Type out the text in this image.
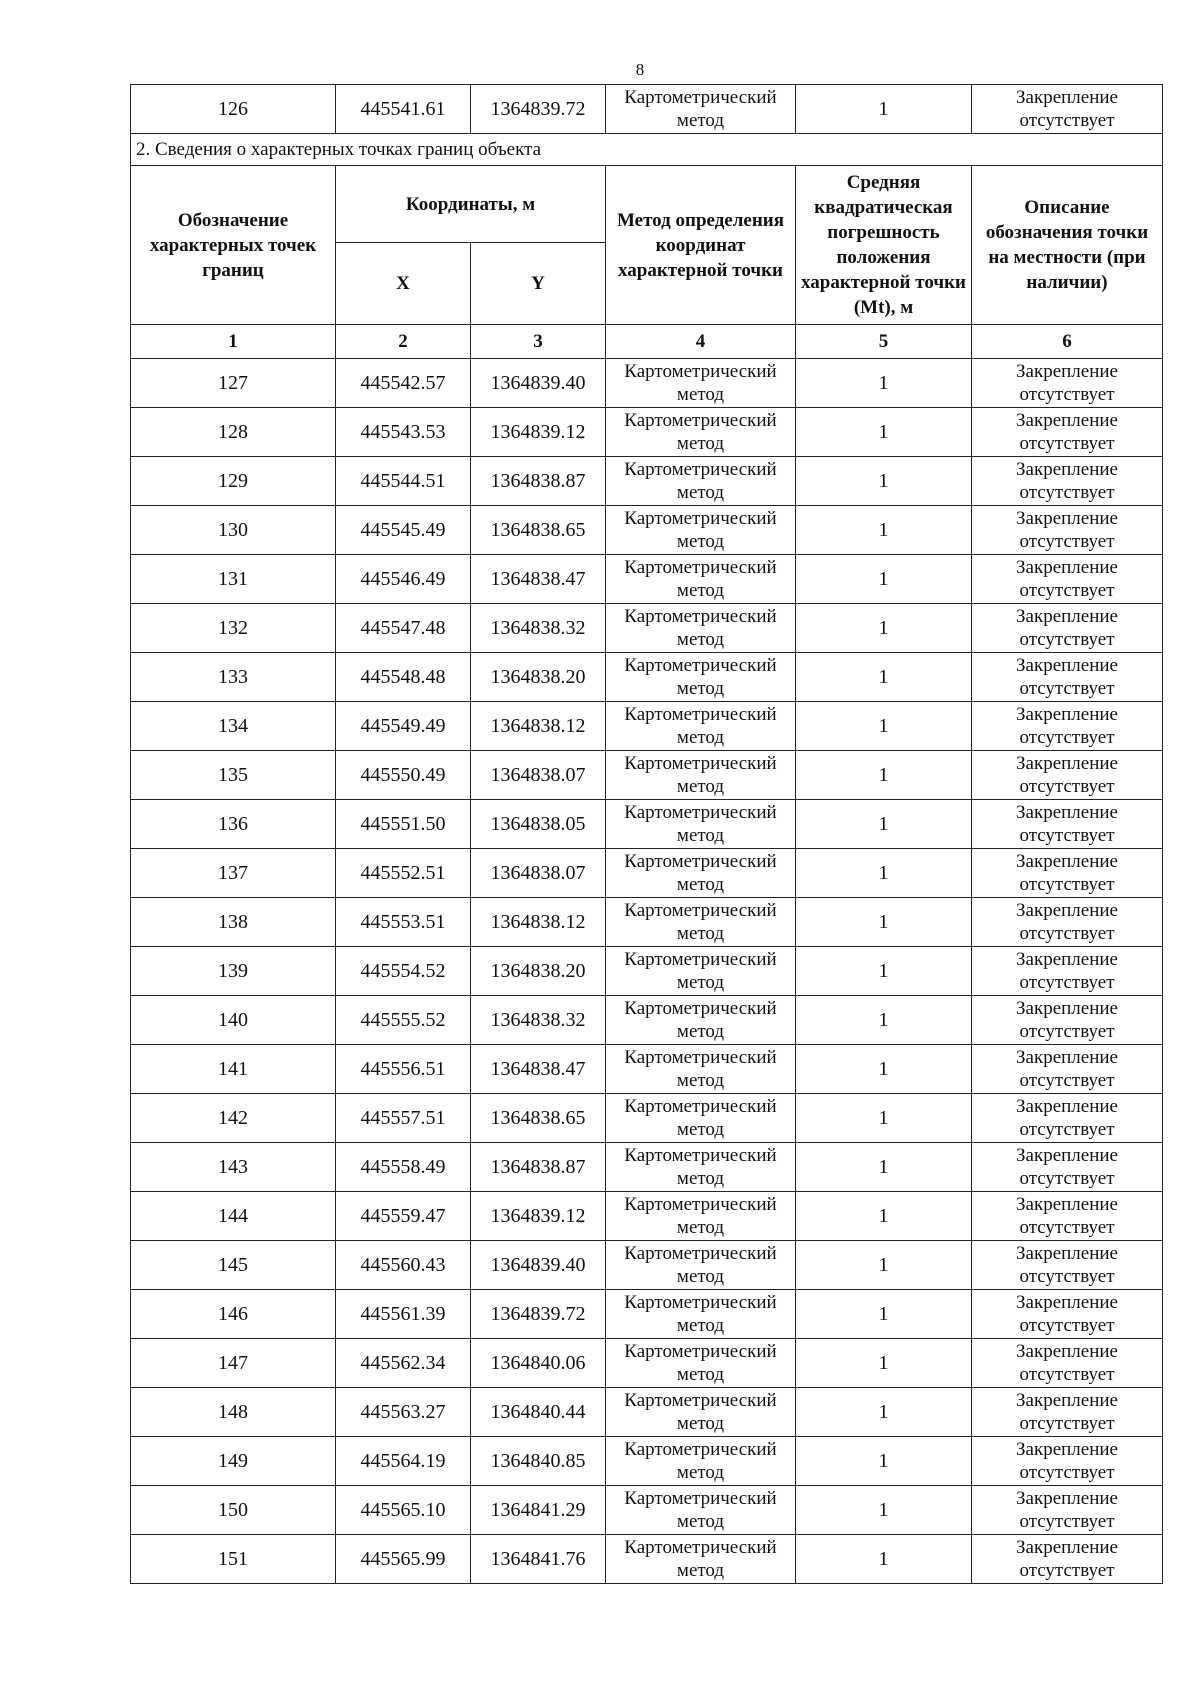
8
126	445541.61	1364839.72	Картометрический метод	1	Закрепление отсутствует
2. Сведения о характерных точках границ объекта					
Обозначение характерных точек границ	Координаты, м		Метод определения координат характерной точки	Средняя квадратическая погрешность положения характерной точки (Mt), м	Описание обозначения точки на местности (при наличии)
	X	Y			
1	2	3	4	5	6
127	445542.57	1364839.40	Картометрический метод	1	Закрепление отсутствует
128	445543.53	1364839.12	Картометрический метод	1	Закрепление отсутствует
129	445544.51	1364838.87	Картометрический метод	1	Закрепление отсутствует
130	445545.49	1364838.65	Картометрический метод	1	Закрепление отсутствует
131	445546.49	1364838.47	Картометрический метод	1	Закрепление отсутствует
132	445547.48	1364838.32	Картометрический метод	1	Закрепление отсутствует
133	445548.48	1364838.20	Картометрический метод	1	Закрепление отсутствует
134	445549.49	1364838.12	Картометрический метод	1	Закрепление отсутствует
135	445550.49	1364838.07	Картометрический метод	1	Закрепление отсутствует
136	445551.50	1364838.05	Картометрический метод	1	Закрепление отсутствует
137	445552.51	1364838.07	Картометрический метод	1	Закрепление отсутствует
138	445553.51	1364838.12	Картометрический метод	1	Закрепление отсутствует
139	445554.52	1364838.20	Картометрический метод	1	Закрепление отсутствует
140	445555.52	1364838.32	Картометрический метод	1	Закрепление отсутствует
141	445556.51	1364838.47	Картометрический метод	1	Закрепление отсутствует
142	445557.51	1364838.65	Картометрический метод	1	Закрепление отсутствует
143	445558.49	1364838.87	Картометрический метод	1	Закрепление отсутствует
144	445559.47	1364839.12	Картометрический метод	1	Закрепление отсутствует
145	445560.43	1364839.40	Картометрический метод	1	Закрепление отсутствует
146	445561.39	1364839.72	Картометрический метод	1	Закрепление отсутствует
147	445562.34	1364840.06	Картометрический метод	1	Закрепление отсутствует
148	445563.27	1364840.44	Картометрический метод	1	Закрепление отсутствует
149	445564.19	1364840.85	Картометрический метод	1	Закрепление отсутствует
150	445565.10	1364841.29	Картометрический метод	1	Закрепление отсутствует
151	445565.99	1364841.76	Картометрический метод	1	Закрепление отсутствует
